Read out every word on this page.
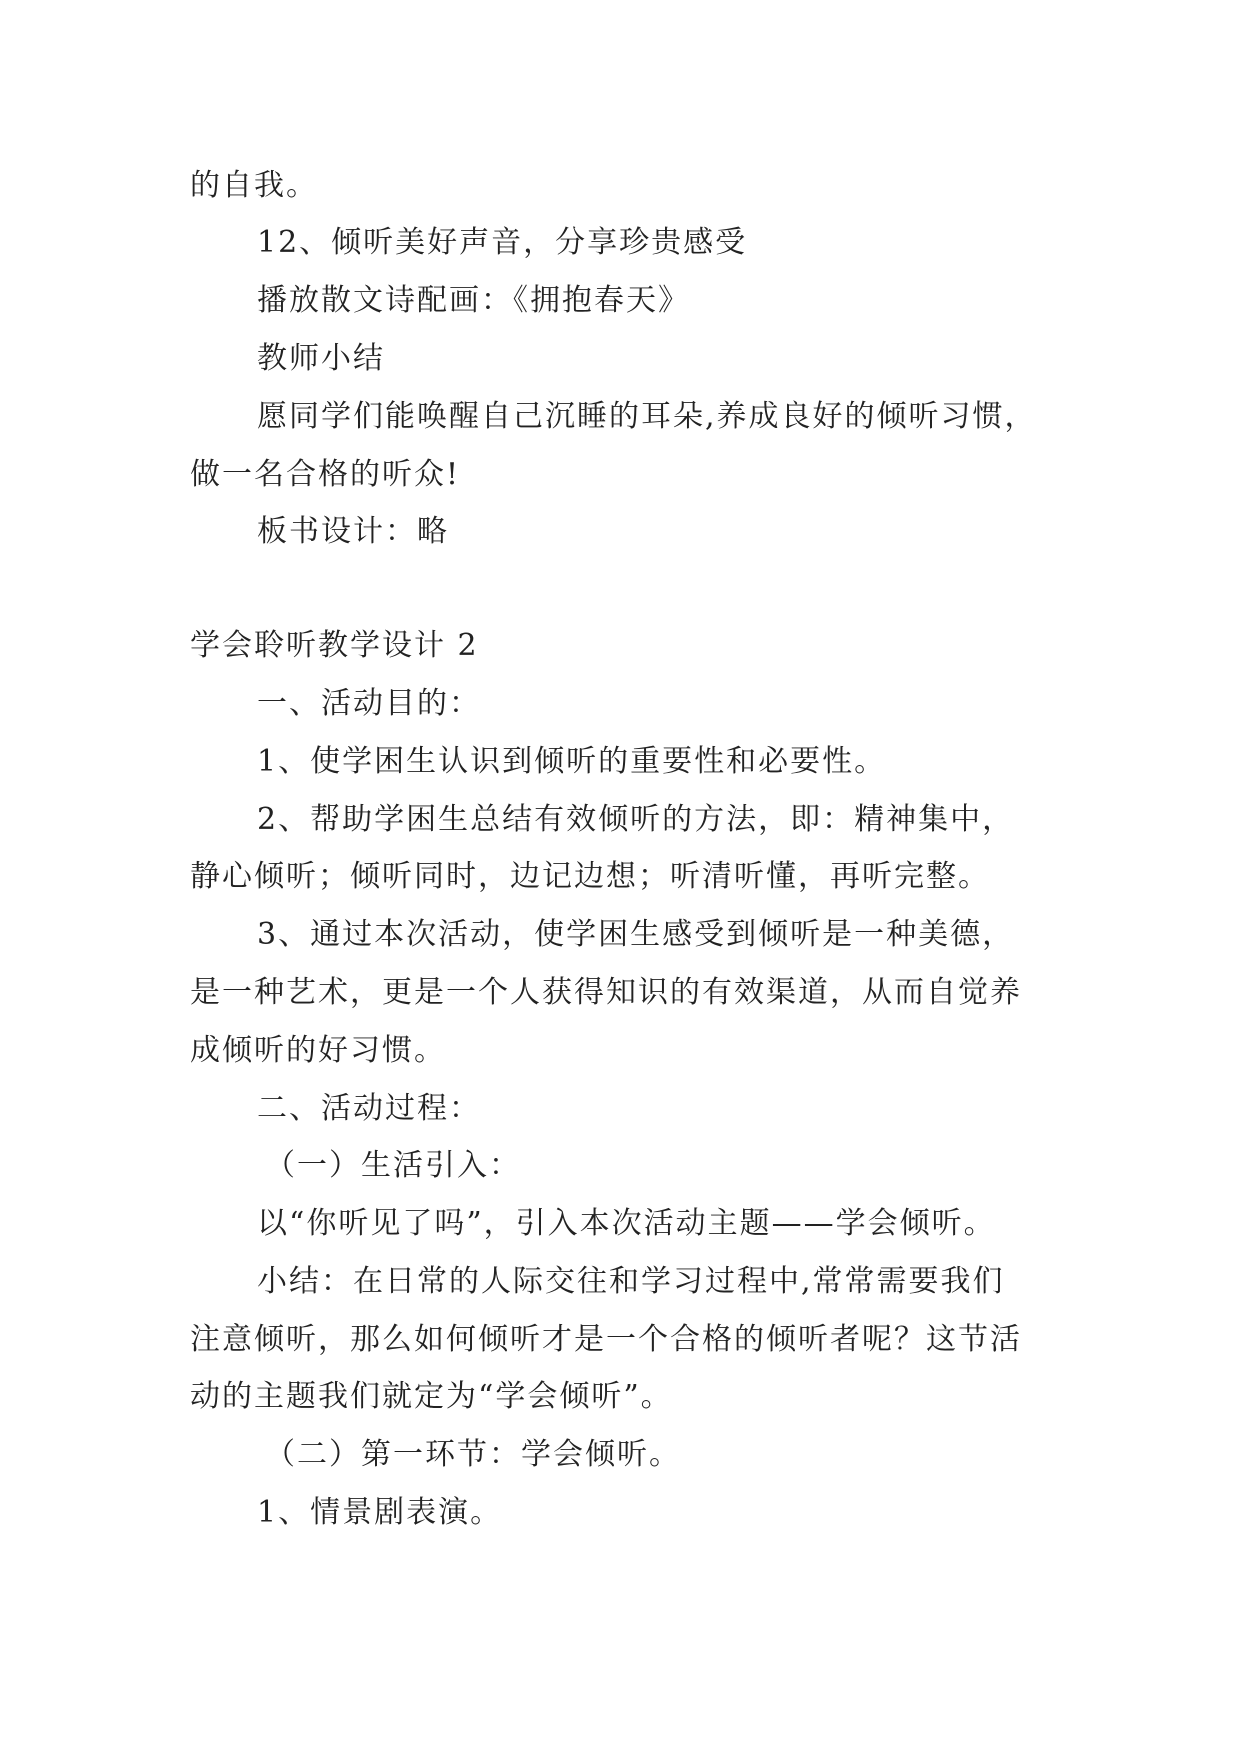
的自我。
12、倾听美好声音，分享珍贵感受
播放散文诗配画：《拥抱春天》
教师小结
愿同学们能唤醒自己沉睡的耳朵,养成良好的倾听习惯，
做一名合格的听众!
板书设计：略
学会聆听教学设计 2
一、活动目的：
1、使学困生认识到倾听的重要性和必要性。
2、帮助学困生总结有效倾听的方法，即：精神集中，
静心倾听；倾听同时，边记边想；听清听懂，再听完整。
3、通过本次活动，使学困生感受到倾听是一种美德，
是一种艺术，更是一个人获得知识的有效渠道，从而自觉养
成倾听的好习惯。
二、活动过程：
（一）生活引入：
以“你听见了吗”，引入本次活动主题——学会倾听。
小结：在日常的人际交往和学习过程中,常常需要我们
注意倾听，那么如何倾听才是一个合格的倾听者呢？这节活
动的主题我们就定为“学会倾听”。
（二）第一环节：学会倾听。
1、情景剧表演。
